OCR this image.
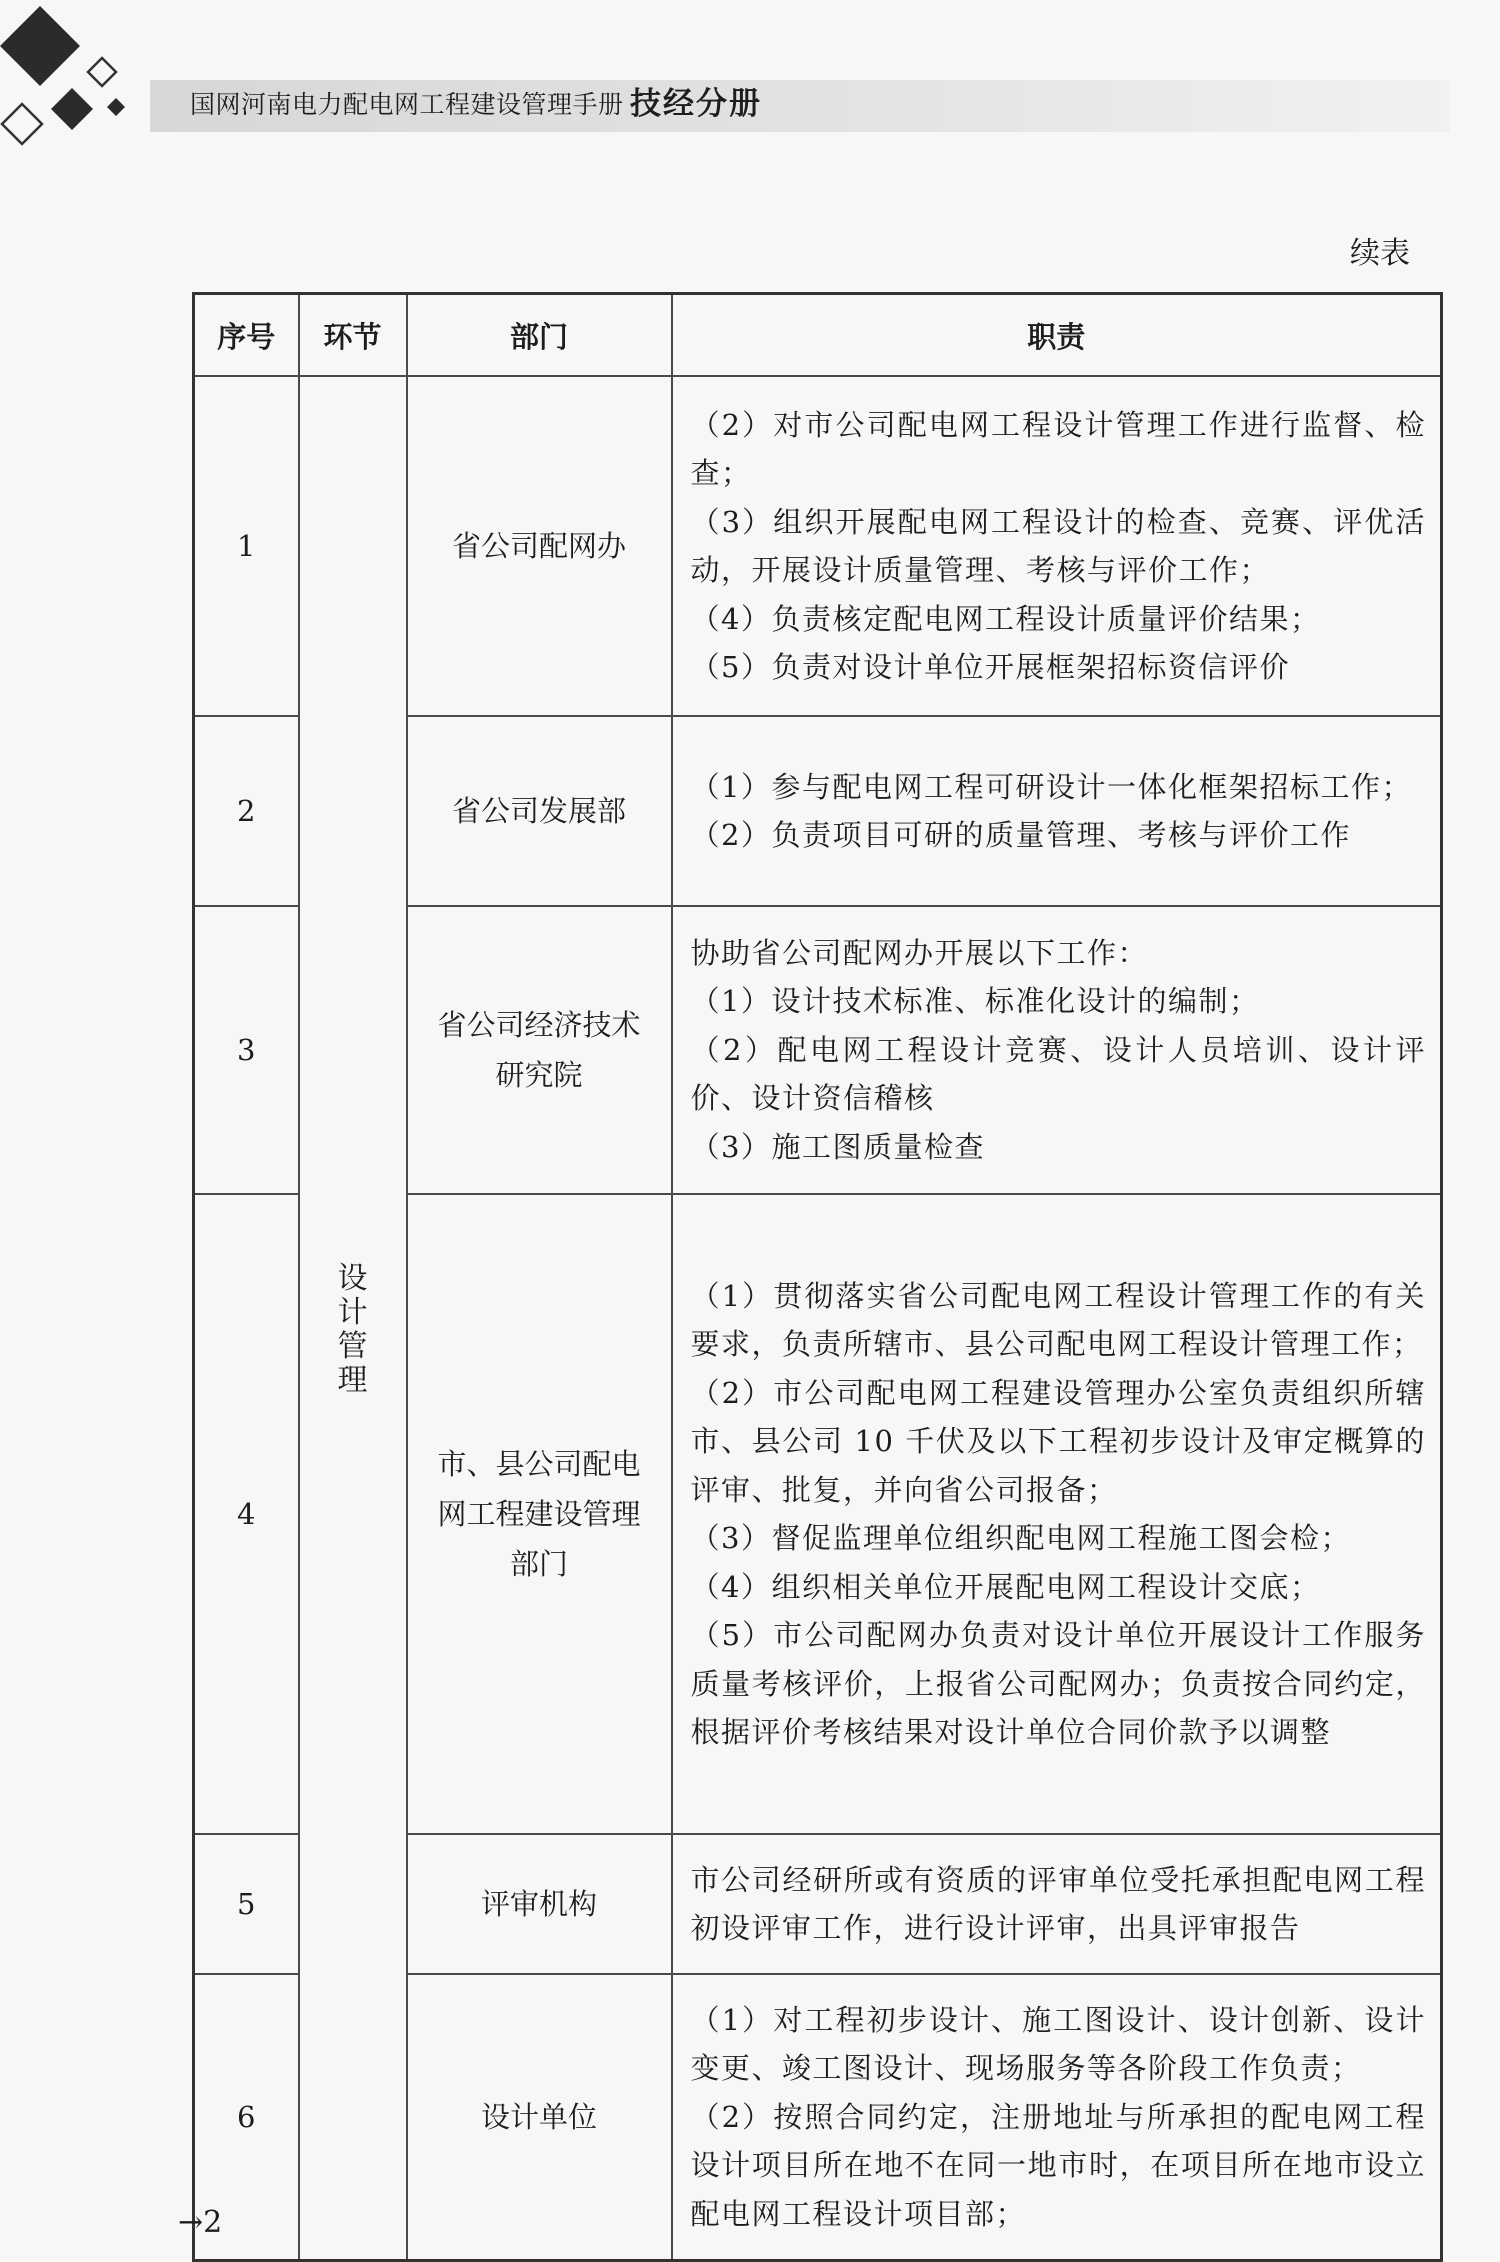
国网河南电力配电网工程建设管理手册 技经分册
续表
序号	环节	部门	职责
1	设计管理	省公司配网办	（2）对市公司配电网工程设计管理工作进行监督、检查；
（3）组织开展配电网工程设计的检查、竞赛、评优活动，开展设计质量管理、考核与评价工作；
（4）负责核定配电网工程设计质量评价结果；
（5）负责对设计单位开展框架招标资信评价

2		省公司发展部	（1）参与配电网工程可研设计一体化框架招标工作；
（2）负责项目可研的质量管理、考核与评价工作

3		省公司经济技术研究院	协助省公司配网办开展以下工作：
（1）设计技术标准、标准化设计的编制；
（2）配电网工程设计竞赛、设计人员培训、设计评价、设计资信稽核
（3）施工图质量检查

4		市、县公司配电网工程建设管理部门	（1）贯彻落实省公司配电网工程设计管理工作的有关要求，负责所辖市、县公司配电网工程设计管理工作；
（2）市公司配电网工程建设管理办公室负责组织所辖市、县公司 10 千伏及以下工程初步设计及审定概算的评审、批复，并向省公司报备；
（3）督促监理单位组织配电网工程施工图会检；
（4）组织相关单位开展配电网工程设计交底；
（5）市公司配网办负责对设计单位开展设计工作服务质量考核评价，上报省公司配网办；负责按合同约定，根据评价考核结果对设计单位合同价款予以调整

5		评审机构	市公司经研所或有资质的评审单位受托承担配电网工程初设评审工作，进行设计评审，出具评审报告

6		设计单位	（1）对工程初步设计、施工图设计、设计创新、设计变更、竣工图设计、现场服务等各阶段工作负责；
（2）按照合同约定，注册地址与所承担的配电网工程设计项目所在地不在同一地市时，在项目所在地市设立配电网工程设计项目部；
→2
